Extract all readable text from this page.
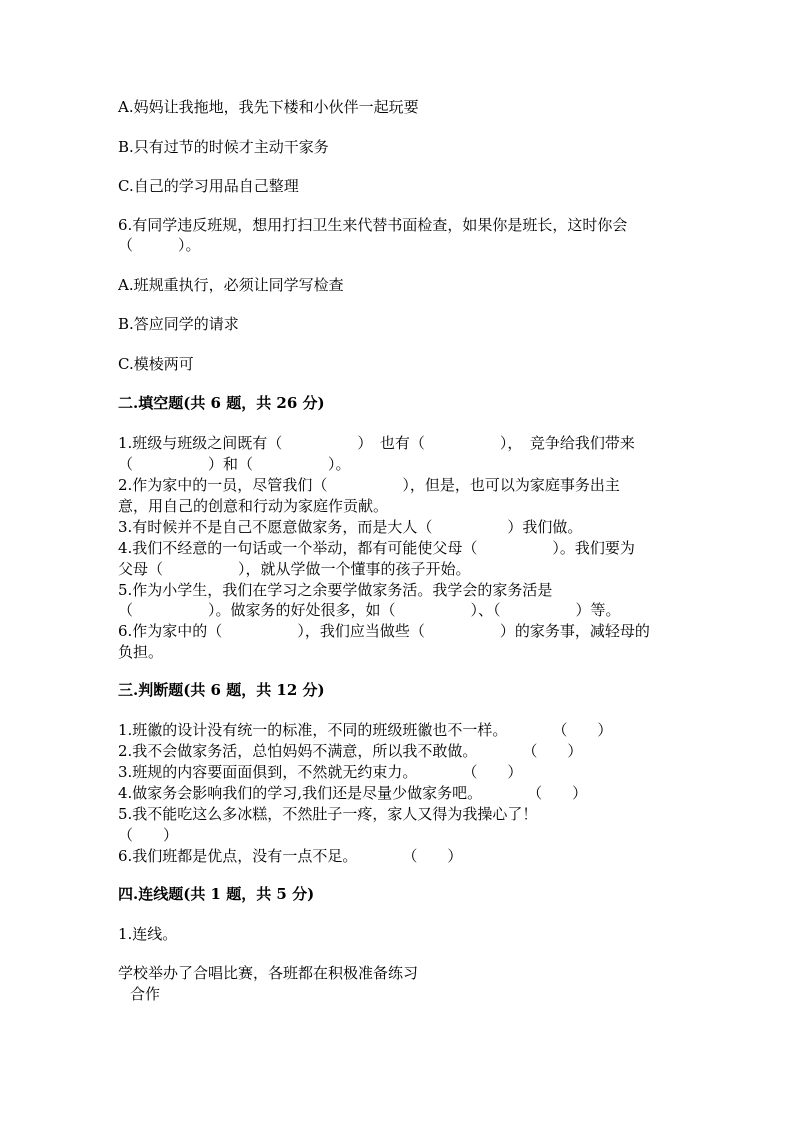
A.妈妈让我拖地，我先下楼和小伙伴一起玩要

B.只有过节的时候才主动干家务

C.自己的学习用品自己整理

6.有同学违反班规，想用打扫卫生来代替书面检查，如果你是班长，这时你会

（　　　）。

A.班规重执行，必须让同学写检查

B.答应同学的请求

C.模棱两可

二.填空题(共 6 题，共 26 分)

1.班级与班级之间既有（　　　　　）　也有（　　　　　），　竞争给我们带来

（　　　　　）和（　　　　　）。

2.作为家中的一员，尽管我们（　　　　　），但是，也可以为家庭事务出主

意，用自己的创意和行动为家庭作贡献。

3.有时候并不是自己不愿意做家务，而是大人（　　　　　）我们做。

4.我们不经意的一句话或一个举动，都有可能使父母（　　　　　）。我们要为

父母（　　　　　），就从学做一个懂事的孩子开始。

5.作为小学生，我们在学习之余要学做家务活。我学会的家务活是

（　　　　　）。做家务的好处很多，如（　　　　　）、（　　　　　）等。

6.作为家中的（　　　　　），我们应当做些（　　　　　）的家务事，减轻母的

负担。

三.判断题(共 6 题，共 12 分)

1.班徽的设计没有统一的标准，不同的班级班徽也不一样。　　　　（　　）

2.我不会做家务活，总怕妈妈不满意，所以我不敢做。　　　　（　　）

3.班规的内容要面面俱到，不然就无约束力。　　　　（　　）

4.做家务会影响我们的学习,我们还是尽量少做家务吧。　　　　（　　）

5.我不能吃这么多冰糕，不然肚子一疼，家人又得为我操心了！

（　　）

6.我们班都是优点，没有一点不足。　　　　（　　）

四.连线题(共 1 题，共 5 分)

1.连线。

学校举办了合唱比赛，各班都在积极准备练习

合作
